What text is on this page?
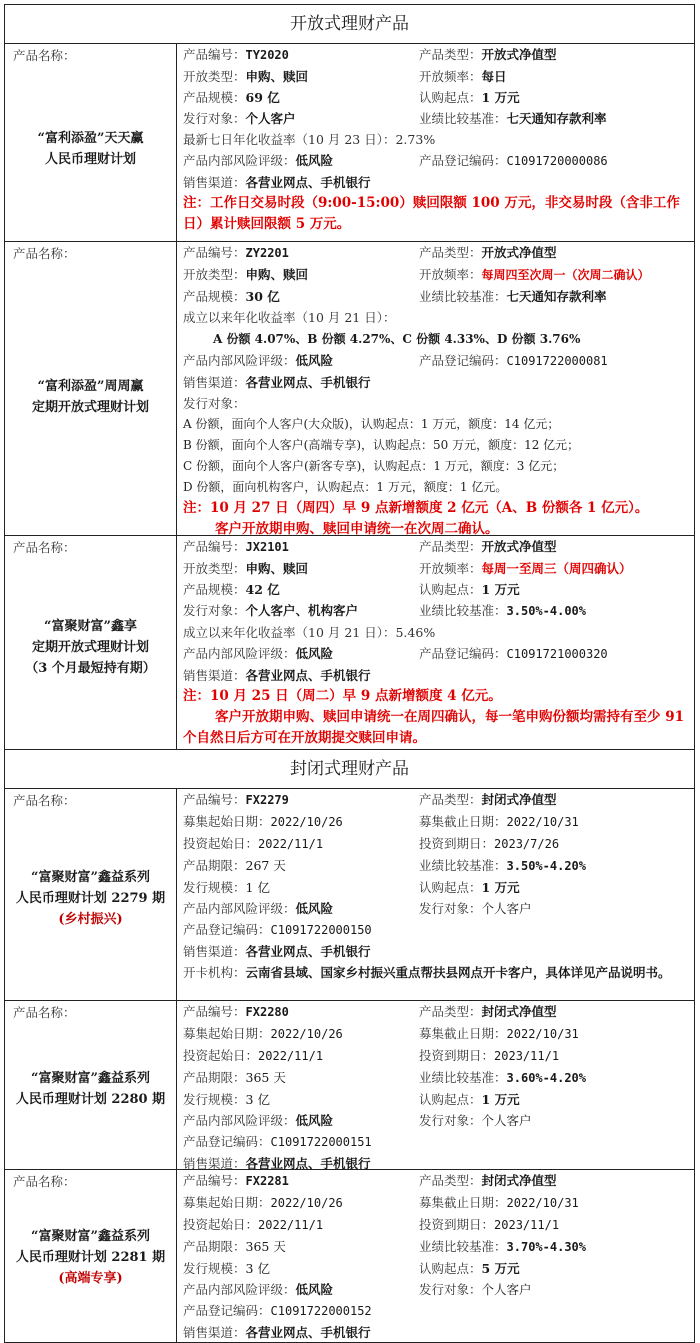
开放式理财产品
产品名称：
“富利添盈”天天赢
人民币理财计划
产品编号：TY2020	产品类型：开放式净值型
开放类型：申购、赎回	开放频率：每日
产品规模：69 亿	认购起点：1 万元
发行对象：个人客户	业绩比较基准：七天通知存款利率
最新七日年化收益率（10 月 23 日）：2.73%
产品内部风险评级：低风险	产品登记编码：C1091720000086
销售渠道：各营业网点、手机银行
注：工作日交易时段（9:00-15:00）赎回限额 100 万元，非交易时段（含非工作日）累计赎回限额 5 万元。
产品名称：
“富利添盈”周周赢
定期开放式理财计划
产品编号：ZY2201	产品类型：开放式净值型
开放类型：申购、赎回	开放频率：每周四至次周一（次周二确认）
产品规模：30 亿	业绩比较基准：七天通知存款利率
成立以来年化收益率（10 月 21 日）：
A 份额 4.07%、B 份额 4.27%、C 份额 4.33%、D 份额 3.76%
产品内部风险评级：低风险	产品登记编码：C1091722000081
销售渠道：各营业网点、手机银行
发行对象：
A 份额，面向个人客户(大众版)，认购起点：1 万元，额度：14 亿元；
B 份额，面向个人客户(高端专享)，认购起点：50 万元，额度：12 亿元；
C 份额，面向个人客户(新客专享)，认购起点：1 万元，额度：3 亿元；
D 份额，面向机构客户，认购起点：1 万元，额度：1 亿元。
注：10 月 27 日（周四）早 9 点新增额度 2 亿元（A、B 份额各 1 亿元）。
客户开放期申购、赎回申请统一在次周二确认。
产品名称：
“富聚财富”鑫享
定期开放式理财计划
（3 个月最短持有期）
产品编号：JX2101	产品类型：开放式净值型
开放类型：申购、赎回	开放频率：每周一至周三（周四确认）
产品规模：42 亿	认购起点：1 万元
发行对象：个人客户、机构客户	业绩比较基准：3.50%-4.00%
成立以来年化收益率（10 月 21 日）：5.46%
产品内部风险评级：低风险	产品登记编码：C1091721000320
销售渠道：各营业网点、手机银行
注：10 月 25 日（周二）早 9 点新增额度 4 亿元。
客户开放期申购、赎回申请统一在周四确认，每一笔申购份额均需持有至少 91 个自然日后方可在开放期提交赎回申请。
封闭式理财产品
产品名称：
“富聚财富”鑫益系列
人民币理财计划 2279 期
(乡村振兴)
产品编号：FX2279	产品类型：封闭式净值型
募集起始日期：2022/10/26	募集截止日期：2022/10/31
投资起始日：2022/11/1	投资到期日：2023/7/26
产品期限：267 天	业绩比较基准：3.50%-4.20%
发行规模：1 亿	认购起点：1 万元
产品内部风险评级：低风险	发行对象：个人客户
产品登记编码：C1091722000150
销售渠道：各营业网点、手机银行
开卡机构：云南省县域、国家乡村振兴重点帮扶县网点开卡客户，具体详见产品说明书。
产品名称：
“富聚财富”鑫益系列
人民币理财计划 2280 期
产品编号：FX2280	产品类型：封闭式净值型
募集起始日期：2022/10/26	募集截止日期：2022/10/31
投资起始日：2022/11/1	投资到期日：2023/11/1
产品期限：365 天	业绩比较基准：3.60%-4.20%
发行规模：3 亿	认购起点：1 万元
产品内部风险评级：低风险	发行对象：个人客户
产品登记编码：C1091722000151
销售渠道：各营业网点、手机银行
产品名称：
“富聚财富”鑫益系列
人民币理财计划 2281 期
(高端专享)
产品编号：FX2281	产品类型：封闭式净值型
募集起始日期：2022/10/26	募集截止日期：2022/10/31
投资起始日：2022/11/1	投资到期日：2023/11/1
产品期限：365 天	业绩比较基准：3.70%-4.30%
发行规模：3 亿	认购起点：5 万元
产品内部风险评级：低风险	发行对象：个人客户
产品登记编码：C1091722000152
销售渠道：各营业网点、手机银行
